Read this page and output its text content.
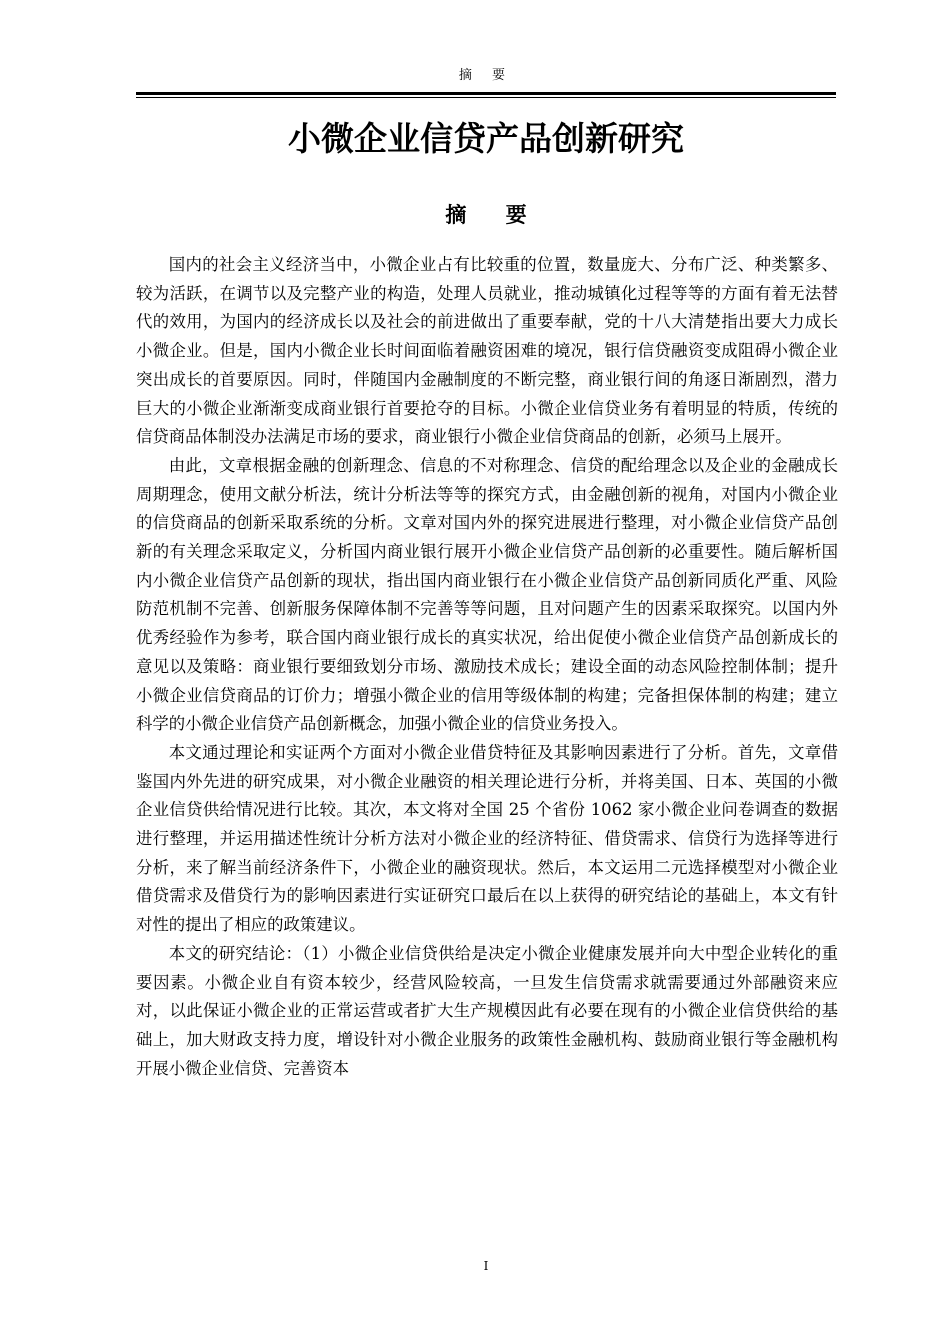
摘 要
小微企业信贷产品创新研究
摘 要

国内的社会主义经济当中，小微企业占有比较重的位置，数量庞大、分布广泛、种类繁多、较为活跃，在调节以及完整产业的构造，处理人员就业，推动城镇化过程等等的方面有着无法替代的效用，为国内的经济成长以及社会的前进做出了重要奉献，党的十八大清楚指出要大力成长小微企业。但是，国内小微企业长时间面临着融资困难的境况，银行信贷融资变成阻碍小微企业突出成长的首要原因。同时，伴随国内金融制度的不断完整，商业银行间的角逐日渐剧烈，潜力巨大的小微企业渐渐变成商业银行首要抢夺的目标。小微企业信贷业务有着明显的特质，传统的信贷商品体制没办法满足市场的要求，商业银行小微企业信贷商品的创新，必须马上展开。

由此，文章根据金融的创新理念、信息的不对称理念、信贷的配给理念以及企业的金融成长周期理念，使用文献分析法，统计分析法等等的探究方式，由金融创新的视角，对国内小微企业的信贷商品的创新采取系统的分析。文章对国内外的探究进展进行整理，对小微企业信贷产品创新的有关理念采取定义，分析国内商业银行展开小微企业信贷产品创新的必重要性。随后解析国内小微企业信贷产品创新的现状，指出国内商业银行在小微企业信贷产品创新同质化严重、风险防范机制不完善、创新服务保障体制不完善等等问题，且对问题产生的因素采取探究。以国内外优秀经验作为参考，联合国内商业银行成长的真实状况，给出促使小微企业信贷产品创新成长的意见以及策略：商业银行要细致划分市场、激励技术成长；建设全面的动态风险控制体制；提升小微企业信贷商品的订价力；增强小微企业的信用等级体制的构建；完备担保体制的构建；建立科学的小微企业信贷产品创新概念，加强小微企业的信贷业务投入。

本文通过理论和实证两个方面对小微企业借贷特征及其影响因素进行了分析。首先，文章借鉴国内外先进的研究成果，对小微企业融资的相关理论进行分析，并将美国、日本、英国的小微企业信贷供给情况进行比较。其次，本文将对全国 25 个省份 1062 家小微企业问卷调查的数据进行整理，并运用描述性统计分析方法对小微企业的经济特征、借贷需求、信贷行为选择等进行分析，来了解当前经济条件下，小微企业的融资现状。然后，本文运用二元选择模型对小微企业借贷需求及借贷行为的影响因素进行实证研究口最后在以上获得的研究结论的基础上，本文有针对性的提出了相应的政策建议。

本文的研究结论：（1）小微企业信贷供给是决定小微企业健康发展并向大中型企业转化的重要因素。小微企业自有资本较少，经营风险较高，一旦发生信贷需求就需要通过外部融资来应对，以此保证小微企业的正常运营或者扩大生产规模因此有必要在现有的小微企业信贷供给的基础上，加大财政支持力度，增设针对小微企业服务的政策性金融机构、鼓励商业银行等金融机构开展小微企业信贷、完善资本

I
